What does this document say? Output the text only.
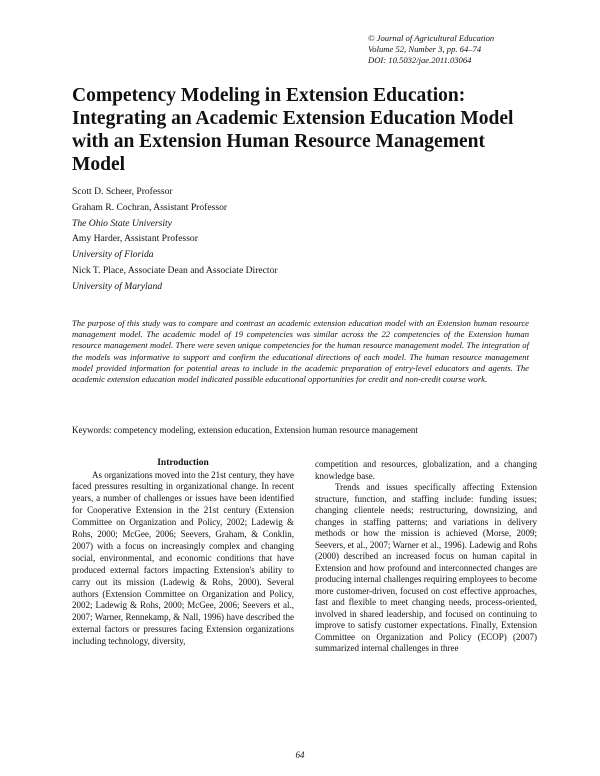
© Journal of Agricultural Education
Volume 52, Number 3, pp. 64–74
DOI: 10.5032/jae.2011.03064
Competency Modeling in Extension Education: Integrating an Academic Extension Education Model with an Extension Human Resource Management Model
Scott D. Scheer, Professor
Graham R. Cochran, Assistant Professor
The Ohio State University
Amy Harder, Assistant Professor
University of Florida
Nick T. Place, Associate Dean and Associate Director
University of Maryland

The purpose of this study was to compare and contrast an academic extension education model with an Extension human resource management model. The academic model of 19 competencies was similar across the 22 competencies of the Extension human resource management model. There were seven unique competencies for the human resource management model. The integration of the models was informative to support and confirm the educational directions of each model. The human resource management model provided information for potential areas to include in the academic preparation of entry-level educators and agents. The academic extension education model indicated possible educational opportunities for credit and non-credit course work.

Keywords: competency modeling, extension education, Extension human resource management

Introduction

As organizations moved into the 21st century, they have faced pressures resulting in organizational change. In recent years, a number of challenges or issues have been identified for Cooperative Extension in the 21st century (Extension Committee on Organization and Policy, 2002; Ladewig & Rohs, 2000; McGee, 2006; Seevers, Graham, & Conklin, 2007) with a focus on increasingly complex and changing social, environmental, and economic conditions that have produced external factors impacting Extension's ability to carry out its mission (Ladewig & Rohs, 2000). Several authors (Extension Committee on Organization and Policy, 2002; Ladewig & Rohs, 2000; McGee, 2006; Seevers et al., 2007; Warner, Rennekamp, & Nall, 1996) have described the external factors or pressures facing Extension organizations including technology, diversity,

competition and resources, globalization, and a changing knowledge base.

Trends and issues specifically affecting Extension structure, function, and staffing include: funding issues; changing clientele needs; restructuring, downsizing, and changes in staffing patterns; and variations in delivery methods or how the mission is achieved (Morse, 2009; Seevers, et al., 2007; Warner et al., 1996). Ladewig and Rohs (2000) described an increased focus on human capital in Extension and how profound and interconnected changes are producing internal challenges requiring employees to become more customer-driven, focused on cost effective approaches, fast and flexible to meet changing needs, process-oriented, involved in shared leadership, and focused on continuing to improve to satisfy customer expectations. Finally, Extension Committee on Organization and Policy (ECOP) (2007) summarized internal challenges in three

64
